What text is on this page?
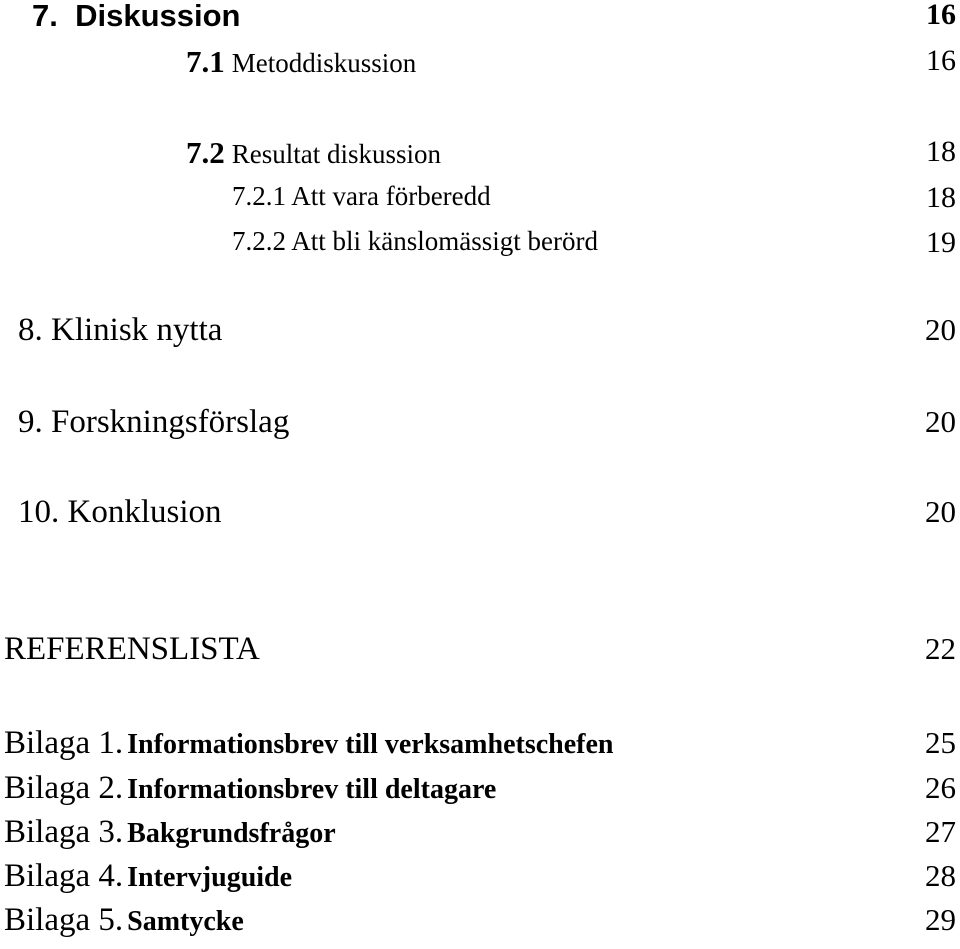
7. Diskussion	16
7.1 Metoddiskussion	16
7.2 Resultat diskussion	18
7.2.1 Att vara förberedd	18
7.2.2 Att bli känslomässigt berörd	19
8. Klinisk nytta	20
9. Forskningsförslag	20
10. Konklusion	20
REFERENSLISTA	22
Bilaga 1. Informationsbrev till verksamhetschefen	25
Bilaga 2. Informationsbrev till deltagare	26
Bilaga 3. Bakgrundsfrågor	27
Bilaga 4. Intervjuguide	28
Bilaga 5. Samtycke	29
